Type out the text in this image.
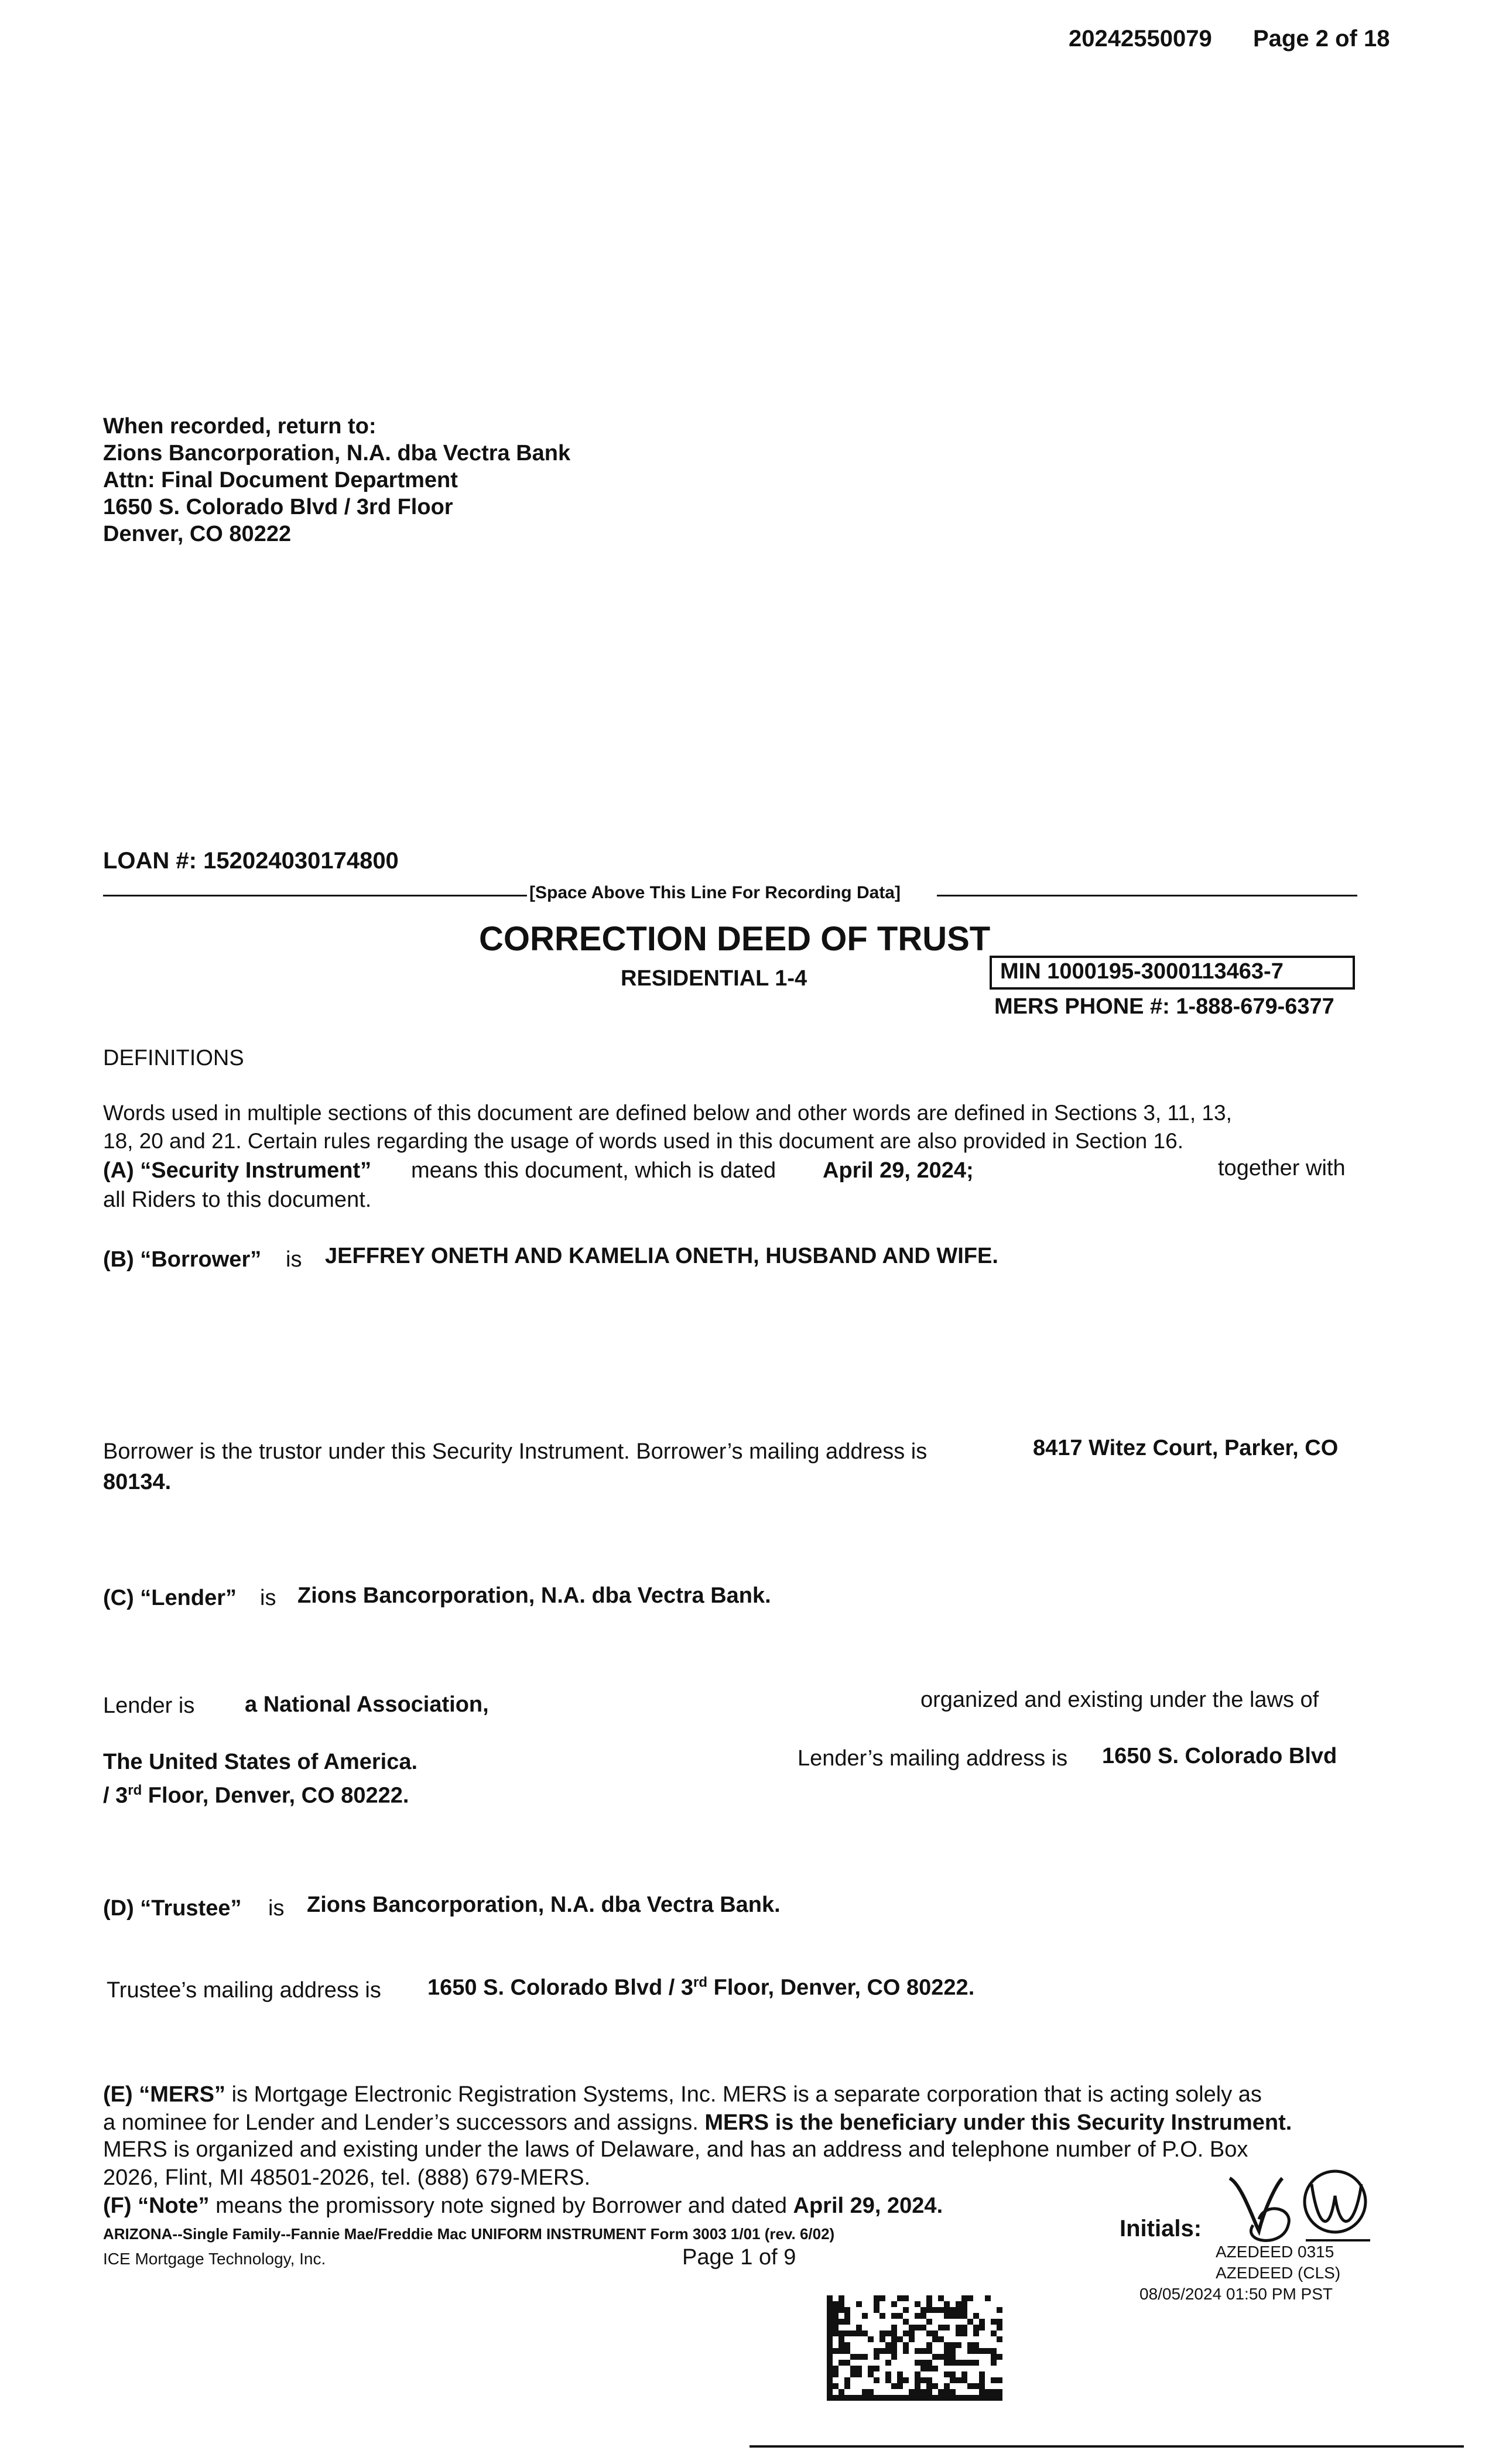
20242550079 Page 2 of 18
When recorded, return to:
Zions Bancorporation, N.A. dba Vectra Bank
Attn: Final Document Department
1650 S. Colorado Blvd / 3rd Floor
Denver, CO 80222
LOAN #: 152024030174800
[Space Above This Line For Recording Data]
CORRECTION DEED OF TRUST
RESIDENTIAL 1-4	MIN 1000195-3000113463-7
MERS PHONE #: 1-888-679-6377
DEFINITIONS
Words used in multiple sections of this document are defined below and other words are defined in Sections 3, 11, 13,
18, 20 and 21. Certain rules regarding the usage of words used in this document are also provided in Section 16.
(A) “Security Instrument” means this document, which is dated April 29, 2024;	together with
all Riders to this document.
(B) “Borrower” is JEFFREY ONETH AND KAMELIA ONETH, HUSBAND AND WIFE.
Borrower is the trustor under this Security Instrument. Borrower’s mailing address is	8417 Witez Court, Parker, CO
80134.
(C) “Lender” is Zions Bancorporation, N.A. dba Vectra Bank.
Lender is a National Association,	organized and existing under the laws of
The United States of America.	Lender’s mailing address is 1650 S. Colorado Blvd
/ 3rd Floor, Denver, CO 80222.
(D) “Trustee” is Zions Bancorporation, N.A. dba Vectra Bank.
Trustee’s mailing address is 1650 S. Colorado Blvd / 3rd Floor, Denver, CO 80222.
(E) “MERS” is Mortgage Electronic Registration Systems, Inc. MERS is a separate corporation that is acting solely as
a nominee for Lender and Lender’s successors and assigns. MERS is the beneficiary under this Security Instrument.
MERS is organized and existing under the laws of Delaware, and has an address and telephone number of P.O. Box
2026, Flint, MI 48501-2026, tel. (888) 679-MERS.
(F) “Note” means the promissory note signed by Borrower and dated April 29, 2024.
ARIZONA--Single Family--Fannie Mae/Freddie Mac UNIFORM INSTRUMENT Form 3003 1/01 (rev. 6/02)
ICE Mortgage Technology, Inc.	Page 1 of 9
Initials:
AZEDEED 0315
AZEDEED (CLS)
08/05/2024 01:50 PM PST
